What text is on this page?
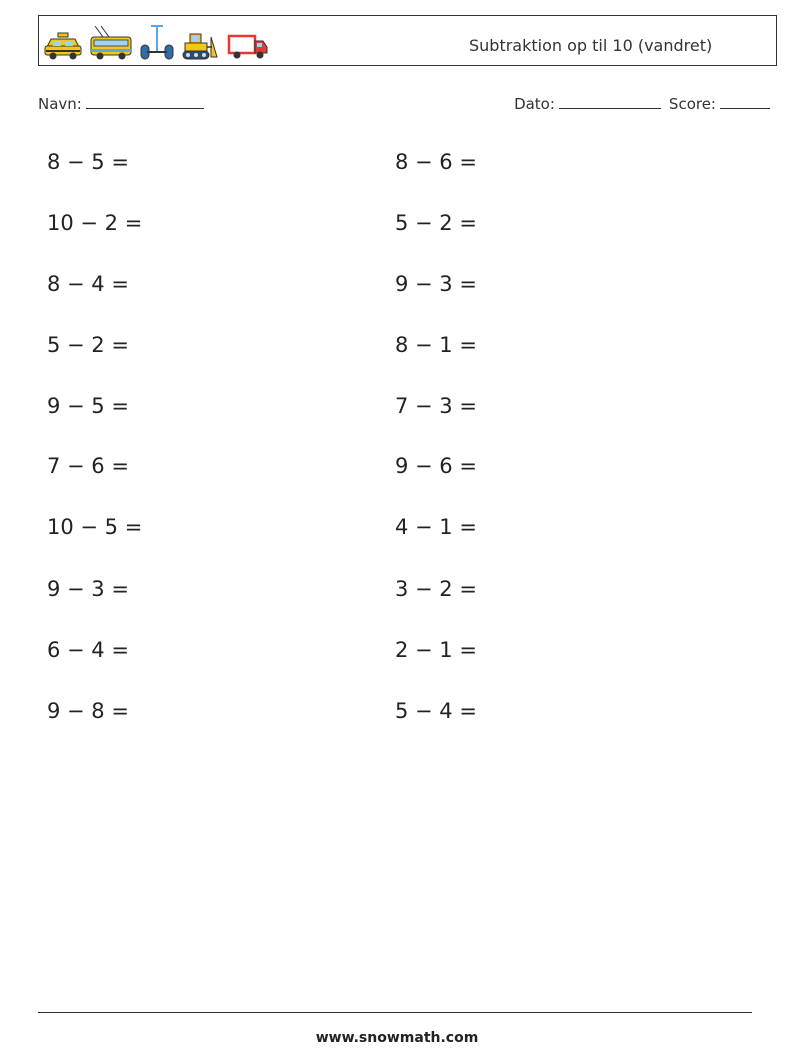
Subtraktion op til 10 (vandret)
Navn:	Dato:	Score:
8 − 5 =	8 − 6 =
10 − 2 =	5 − 2 =
8 − 4 =	9 − 3 =
5 − 2 =	8 − 1 =
9 − 5 =	7 − 3 =
7 − 6 =	9 − 6 =
10 − 5 =	4 − 1 =
9 − 3 =	3 − 2 =
6 − 4 =	2 − 1 =
9 − 8 =	5 − 4 =
www.snowmath.com
